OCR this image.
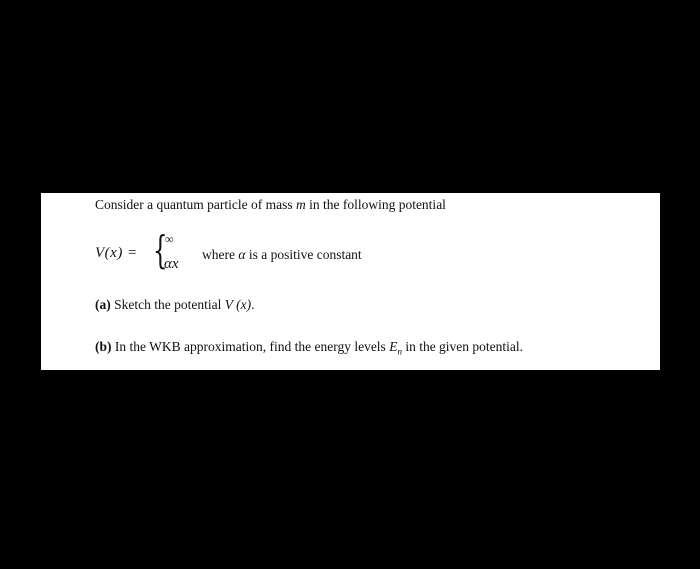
Consider a quantum particle of mass m in the following potential
V(x) = {
∞
αx
where α is a positive constant
(a) Sketch the potential V (x).
(b) In the WKB approximation, find the energy levels $E_n$ in the given potential.
